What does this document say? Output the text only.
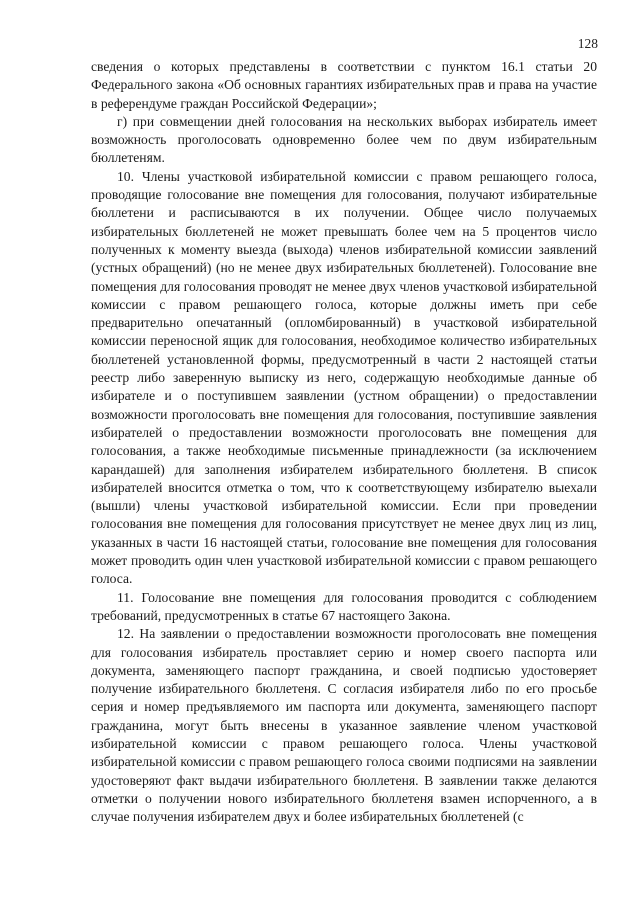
128

сведения о которых представлены в соответствии с пунктом 16.1 статьи 20 Федерального закона «Об основных гарантиях избирательных прав и права на участие в референдуме граждан Российской Федерации»;

г) при совмещении дней голосования на нескольких выборах избиратель имеет возможность проголосовать одновременно более чем по двум избирательным бюллетеням.

10. Члены участковой избирательной комиссии с правом решающего голоса, проводящие голосование вне помещения для голосования, получают избирательные бюллетени и расписываются в их получении. Общее число получаемых избирательных бюллетеней не может превышать более чем на 5 процентов число полученных к моменту выезда (выхода) членов избирательной комиссии заявлений (устных обращений) (но не менее двух избирательных бюллетеней). Голосование вне помещения для голосования проводят не менее двух членов участковой избирательной комиссии с правом решающего голоса, которые должны иметь при себе предварительно опечатанный (опломбированный) в участковой избирательной комиссии переносной ящик для голосования, необходимое количество избирательных бюллетеней установленной формы, предусмотренный в части 2 настоящей статьи реестр либо заверенную выписку из него, содержащую необходимые данные об избирателе и о поступившем заявлении (устном обращении) о предоставлении возможности проголосовать вне помещения для голосования, поступившие заявления избирателей о предоставлении возможности проголосовать вне помещения для голосования, а также необходимые письменные принадлежности (за исключением карандашей) для заполнения избирателем избирательного бюллетеня. В список избирателей вносится отметка о том, что к соответствующему избирателю выехали (вышли) члены участковой избирательной комиссии. Если при проведении голосования вне помещения для голосования присутствует не менее двух лиц из лиц, указанных в части 16 настоящей статьи, голосование вне помещения для голосования может проводить один член участковой избирательной комиссии с правом решающего голоса.

11. Голосование вне помещения для голосования проводится с соблюдением требований, предусмотренных в статье 67 настоящего Закона.

12. На заявлении о предоставлении возможности проголосовать вне помещения для голосования избиратель проставляет серию и номер своего паспорта или документа, заменяющего паспорт гражданина, и своей подписью удостоверяет получение избирательного бюллетеня. С согласия избирателя либо по его просьбе серия и номер предъявляемого им паспорта или документа, заменяющего паспорт гражданина, могут быть внесены в указанное заявление членом участковой избирательной комиссии с правом решающего голоса. Члены участковой избирательной комиссии с правом решающего голоса своими подписями на заявлении удостоверяют факт выдачи избирательного бюллетеня. В заявлении также делаются отметки о получении нового избирательного бюллетеня взамен испорченного, а в случае получения избирателем двух и более избирательных бюллетеней (с
